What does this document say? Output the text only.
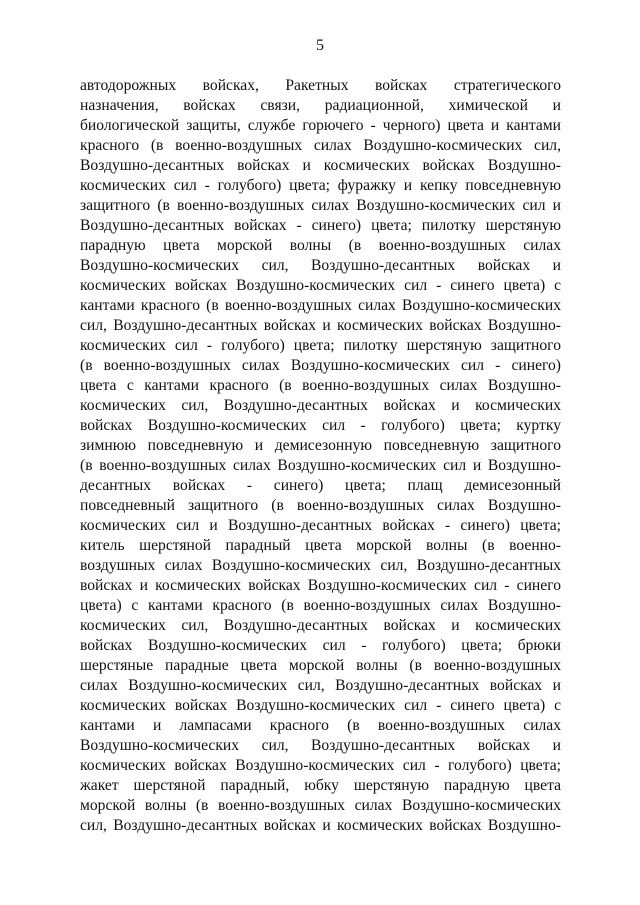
5
автодорожных войсках, Ракетных войсках стратегического
назначения, войсках связи, радиационной, химической и
биологической защиты, службе горючего - черного) цвета и кантами
красного (в военно-воздушных силах Воздушно-космических сил,
Воздушно-десантных войсках и космических войсках Воздушно-
космических сил - голубого) цвета; фуражку и кепку повседневную
защитного (в военно-воздушных силах Воздушно-космических сил и
Воздушно-десантных войсках - синего) цвета; пилотку шерстяную
парадную цвета морской волны (в военно-воздушных силах
Воздушно-космических сил, Воздушно-десантных войсках и
космических войсках Воздушно-космических сил - синего цвета) с
кантами красного (в военно-воздушных силах Воздушно-космических
сил, Воздушно-десантных войсках и космических войсках Воздушно-
космических сил - голубого) цвета; пилотку шерстяную защитного
(в военно-воздушных силах Воздушно-космических сил - синего)
цвета с кантами красного (в военно-воздушных силах Воздушно-
космических сил, Воздушно-десантных войсках и космических
войсках Воздушно-космических сил - голубого) цвета; куртку
зимнюю повседневную и демисезонную повседневную защитного
(в военно-воздушных силах Воздушно-космических сил и Воздушно-
десантных войсках - синего) цвета; плащ демисезонный
повседневный защитного (в военно-воздушных силах Воздушно-
космических сил и Воздушно-десантных войсках - синего) цвета;
китель шерстяной парадный цвета морской волны (в военно-
воздушных силах Воздушно-космических сил, Воздушно-десантных
войсках и космических войсках Воздушно-космических сил - синего
цвета) с кантами красного (в военно-воздушных силах Воздушно-
космических сил, Воздушно-десантных войсках и космических
войсках Воздушно-космических сил - голубого) цвета; брюки
шерстяные парадные цвета морской волны (в военно-воздушных
силах Воздушно-космических сил, Воздушно-десантных войсках и
космических войсках Воздушно-космических сил - синего цвета) с
кантами и лампасами красного (в военно-воздушных силах
Воздушно-космических сил, Воздушно-десантных войсках и
космических войсках Воздушно-космических сил - голубого) цвета;
жакет шерстяной парадный, юбку шерстяную парадную цвета
морской волны (в военно-воздушных силах Воздушно-космических
сил, Воздушно-десантных войсках и космических войсках Воздушно-
